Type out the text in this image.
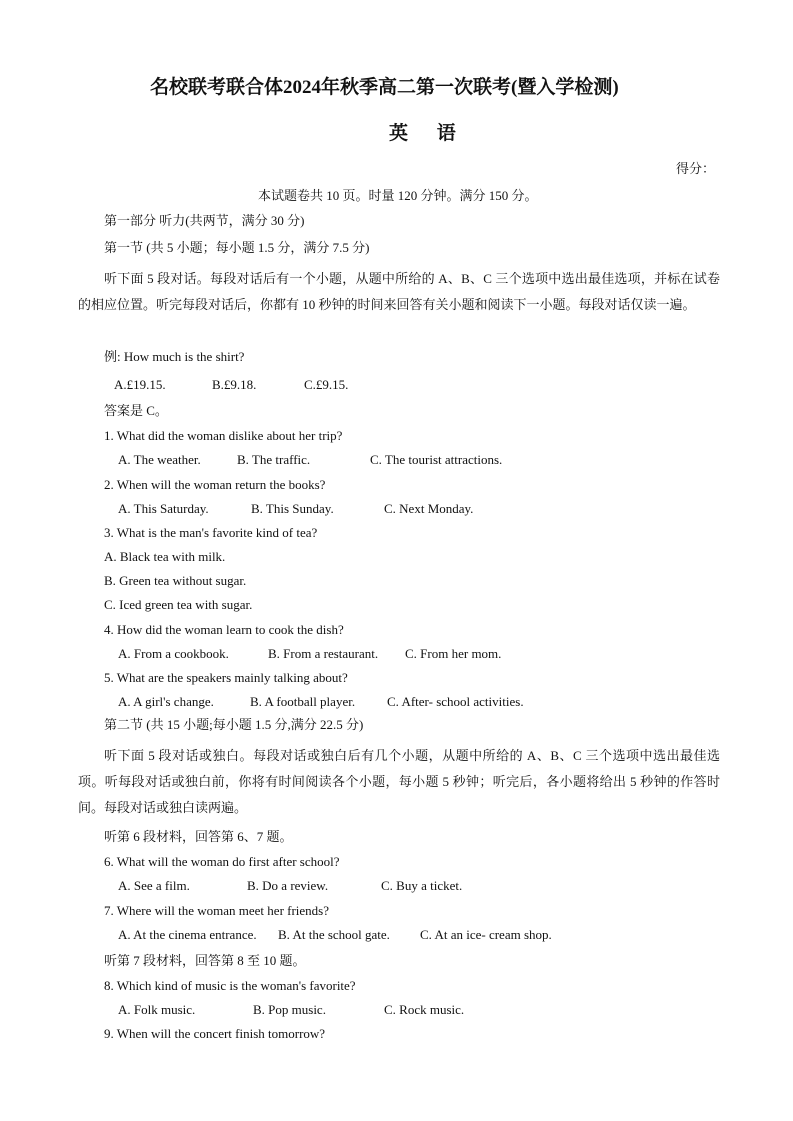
名校联考联合体2024年秋季高二第一次联考(暨入学检测)
英 语
得分：
本试题卷共 10 页。时量 120 分钟。满分 150 分。
第一部分 听力(共两节，满分 30 分)
第一节 (共 5 小题；每小题 1.5 分，满分 7.5 分)
听下面 5 段对话。每段对话后有一个小题，从题中所给的 A、B、C 三个选项中选出最佳选项，并标在试卷的相应位置。听完每段对话后，你都有 10 秒钟的时间来回答有关小题和阅读下一小题。每段对话仅读一遍。
例: How much is the shirt?
A.£19.15.	B.£9.18.	C.£9.15.
答案是 C。
1. What did the woman dislike about her trip?
A. The weather.	B. The traffic.	C. The tourist attractions.
2. When will the woman return the books?
A. This Saturday.	B. This Sunday.	C. Next Monday.
3. What is the man's favorite kind of tea?
A. Black tea with milk.
B. Green tea without sugar.
C. Iced green tea with sugar.
4. How did the woman learn to cook the dish?
A. From a cookbook.	B. From a restaurant. C. From her mom.
5. What are the speakers mainly talking about?
A. A girl's change.	B. A football player. C. After- school activities.
第二节 (共 15 小题;每小题 1.5 分,满分 22.5 分)
听下面 5 段对话或独白。每段对话或独白后有几个小题，从题中所给的 A、B、C 三个选项中选出最佳选项。听每段对话或独白前，你将有时间阅读各个小题，每小题 5 秒钟；听完后，各小题将给出 5 秒钟的作答时间。每段对话或独白读两遍。
听第 6 段材料，回答第 6、7 题。
6. What will the woman do first after school?
A. See a film.	B. Do a review.	C. Buy a ticket.
7. Where will the woman meet her friends?
A. At the cinema entrance. B. At the school gate. C. At an ice- cream shop.
听第 7 段材料，回答第 8 至 10 题。
8. Which kind of music is the woman's favorite?
A. Folk music.	B. Pop music.	C. Rock music.
9. When will the concert finish tomorrow?
